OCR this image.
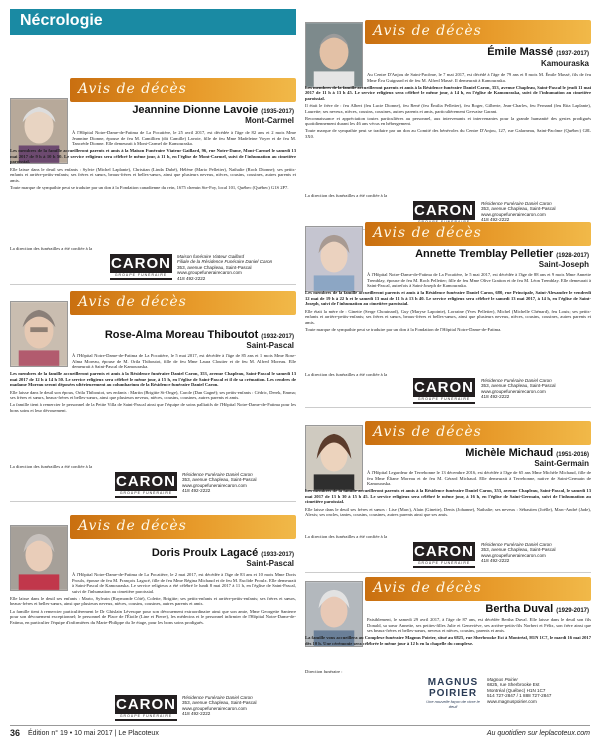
Nécrologie
Avis de décès
Jeannine Dionne Lavoie (1935-2017)
Mont-Carmel

À l'Hôpital Notre-Dame-de-Fatima de La Pocatière, le 25 avril 2017, est décédée à l'âge de 82 ans et 2 mois Mme Jeannine Dionne, épouse de feu M. Camillien (dit Camille) Lavoie, fille de feu Mme Madeleine Voyer et de feu M. Tancrède Dionne. Elle demeurait à Mont-Carmel de Kamouraska.

Les membres de la famille accueilleront parents et amis à la Maison Funéraire Viateur Gaillard, 96, rue Notre-Dame, Mont-Carmel le samedi 13 mai 2017 de 9 h à 10 h 50. Le service religieux sera célébré le même jour, à 11 h, en l'église de Mont-Carmel, suivi de l'inhumation au cimetière paroissial.

Elle laisse dans le deuil ses enfants : Sylvie (Michel Laplante), Christian (Linda Dubé), Hélène (Mario Pelletier), Nathalie (Roch Dionne); ses petits-enfants et arrière-petits-enfants; ses frères et sœurs, beaux-frères et belles-sœurs, ainsi que plusieurs neveux, nièces, cousins, cousines, autres parents et amis.

Toute marque de sympathie peut se traduire par un don à la Fondation canadienne du rein, 1675 chemin Ste-Foy, local 101, Québec (Québec) G1S 2P7.

La direction des funérailles a été confiée à la
CARON
GROUPE FUNÉRAIRE
Maison funéraire Viateur Gaillard
Filiale de la Résidence Funéraire Daniel Caron
353, avenue Chapleau, Saint-Pascal
www.groupefunerairecaron.com
418 492-2222
Avis de décès
Rose-Alma Moreau Thiboutot (1932-2017)
Saint-Pascal

À l'Hôpital Notre-Dame-de-Fatima de La Pocatière, le 5 mai 2017, est décédée à l'âge de 85 ans et 1 mois Mme Rose-Alma Moreau, épouse de M. Orila Thiboutot, fille de feu Mme Laura Cloutier et de feu M. Alfred Moreau. Elle demeurait à Saint-Pascal de Kamouraska.

Les membres de la famille accueilleront parents et amis à la Résidence funéraire Daniel Caron, 353, avenue Chapleau, Saint-Pascal le samedi 13 mai 2017 de 12 h à 14 h 50. Le service religieux sera célébré le même jour, à 15 h, en l'église de Saint-Pascal et il de sa crémation. Les cendres de madame Moreau seront déposées ultérieurement au columbarium de la Résidence funéraire Daniel Caron.

Elle laisse dans le deuil son époux, Orila Thiboutot, ses enfants : Martin (Brigitte St-Onge), Carole (Dan Gagné); ses petits-enfants : Cédric, Derek, Emma; ses frères et sœurs, beaux-frères et belles-sœurs, ainsi que plusieurs neveux, nièces, cousins, cousines, autres parents et amis.

La famille tient à remercier le personnel de la Petite Villa de Saint-Pascal ainsi que l'équipe de soins palliatifs de l'Hôpital Notre-Dame-de-Fatima pour les bons soins et leur dévouement.

La direction des funérailles a été confiée à la
CARON
GROUPE FUNÉRAIRE
Résidence Funéraire Daniel Caron
353, avenue Chapleau, Saint-Pascal
www.groupefunerairecaron.com
418 492-2222
Avis de décès
Doris Proulx Lagacé (1933-2017)
Saint-Pascal

À l'Hôpital Notre-Dame-de-Fatima de La Pocatière, le 2 mai 2017, est décédée à l'âge de 83 ans et 10 mois Mme Doris Proulx, épouse de feu M. François Lagacé, fille de feu Mme Régina Michaud et de feu M. Euclide Proulx. Elle demeurait à Saint-Pascal de Kamouraska. Le service religieux a été célébré le lundi 8 mai 2017 à 11 h, en l'église de Saint-Pascal, suivi de l'inhumation au cimetière paroissial.

Elle laisse dans le deuil ses enfants : Mario, Sylvain (Raymonde Côté), Colette, Brigitte; ses petits-enfants et arrière-petits-enfants; ses frères et sœurs, beaux-frères et belles-sœurs, ainsi que plusieurs neveux, nièces, cousins, cousines, autres parents et amis.

La famille tient à remercier particulièrement le Dr Ghislain Lévesque pour son dévouement extraordinaire ainsi que son amie, Mme Georgette Santerre pour son dévouement exceptionnel; le personnel de Place de l'Étoile (Line et Pierre), les médecins et le personnel infirmier de l'Hôpital Notre-Dame-de-Fatima, en particulier l'équipe d'infirmières du Marie-Philippe du 3e étage, pour les bons soins prodigués.

CARON
GROUPE FUNÉRAIRE
Résidence Funéraire Daniel Caron
353, avenue Chapleau, Saint-Pascal
www.groupefunerairecaron.com
418 492-2222
Avis de décès
Émile Massé (1937-2017)
Kamouraska

Au Centre D'Anjou de Saint-Pacôme, le 7 mai 2017, est décédé à l'âge de 79 ans et 8 mois M. Émile Massé, fils de feu Mme Éva Guignard et de feu M. Alfred Massé. Il demeurait à Kamouraska.

Les membres de la famille accueilleront parents et amis à la Résidence funéraire Daniel Caron, 353, avenue Chapleau, Saint-Pascal le jeudi 11 mai 2017 de 11 h à 13 h 45. Le service religieux sera célébré le même jour, à 14 h, en l'église de Kamouraska, suivi de l'inhumation au cimetière paroissial.

Il était le frère de : feu Albert (feu Lucie Dionne), feu René (feu Émilia Pelletier), feu Roger, Gilberte, Jean-Charles, feu Fernand (feu Rita Laplante), Laurette; ses neveux, nièces, cousins, cousines, autres parents et amis, particulièrement Gervaise Garant.

Reconnaissance et appréciation toutes particulières au personnel, aux intervenants et intervenantes pour la grande humanité des gestes prodigués quotidiennement durant les 46 ans vécus en hébergement.

Toute marque de sympathie peut se traduire par un don au Comité des bénévoles du Centre D'Anjou, 127, rue Galarneau, Saint-Pacôme (Québec) G0L 3X0.

La direction des funérailles a été confiée à la
CARON Résidence Funéraire Daniel Caron
353, avenue Chapleau, Saint-Pascal
www.groupefunerairecaron.com
418 492-2222
Avis de décès
Annette Tremblay Pelletier (1928-2017)
Saint-Joseph

À l'Hôpital Notre-Dame-de-Fatima de La Pocatière, le 5 mai 2017, est décédée à l'âge de 88 ans et 9 mois Mme Annette Tremblay, épouse de feu M. Roch Pelletier; fille de feu Mme Olive Gratton et de feu M. Léon Tremblay. Elle demeurait à Saint-Pascal, autrefois à Saint-Joseph de Kamouraska.

Les membres de la famille accueilleront parents et amis à la Résidence funéraire Daniel Caron, 680, rue Principale, Saint-Alexandre le vendredi 12 mai de 19 h à 22 h et le samedi 13 mai de 11 h à 13 h 40. Le service religieux sera célébré le samedi 13 mai 2017, à 14 h, en l'église de Saint-Joseph, suivi de l'inhumation au cimetière paroissial.

Elle était la mère de : Ginette (Serge Chouinard), Guy (Maryse Lapointe), Lorraine (Yves Pelletier), Michel (Michelle Chénard), feu Louis; ses petits-enfants et arrière-petits-enfants; ses frères et sœurs, beaux-frères et belles-sœurs, ainsi que plusieurs neveux, nièces, cousins, cousines, autres parents et amis.

Toute marque de sympathie peut se traduire par un don à la Fondation de l'Hôpital Notre-Dame-de-Fatima.

La direction des funérailles a été confiée à la
CARON
GROUPE FUNÉRAIRE
Résidence Funéraire Daniel Caron
353, avenue Chapleau, Saint-Pascal
www.groupefunerairecaron.com
418 492-2222
Avis de décès
Michèle Michaud (1951-2016)
Saint-Germain

À l'Hôpital Legardeur de Terrebonne le 13 décembre 2016, est décédée à l'âge de 65 ans Mme Michèle Michaud, fille de feu Mme Éliane Moreau et de feu M. Gérard Michaud. Elle demeurait à Terrebonne, native de Saint-Germain de Kamouraska.

Les membres de la famille accueilleront parents et amis à la Résidence funéraire Daniel Caron, 353, avenue Chapleau, Saint-Pascal, le samedi 13 mai 2017 de 13 h 30 à 15 h 45. Le service religieux sera célébré le même jour, à 16 h, en l'église de Saint-Germain, suivi de l'inhumation au cimetière paroissial.

Elle laisse dans le deuil ses frères et sœurs : Lise (Marc), Alain (Ginette), Denis (Johanne), Nathalie; ses neveux : Sébastien (Joëlle), Marc-André (Jade), Alexis; ses oncles, tantes, cousins, cousines, autres parents ainsi que ses amis.

La direction des funérailles a été confiée à la
CARON
GROUPE FUNÉRAIRE
Résidence Funéraire Daniel Caron
353, avenue Chapleau, Saint-Pascal
www.groupefunerairecaron.com
418 492-2222
Avis de décès
Bertha Duval (1929-2017)

Paisiblement, le samedi 29 avril 2017, à l'âge de 87 ans, est décédée Bertha Duval. Elle laisse dans le deuil son fils Donald, sa sœur Annette, ses petites-filles Julie et Geneviève, ses arrière-petits-fils Norbert et Félix, son frère ainsi que ses beaux-frères et belles-sœurs, neveux et nièces, cousins, parents et amis.

La famille vous accueillera au Complexe funéraire Magnus Poirier, situé au 6825, rue Sherbrooke Est à Montréal, H1N 1C7, le mardi 16 mai 2017 dès 10 h. Une cérémonie sera célébrée le même jour à 12 h en la chapelle du complexe.

Direction funéraire :
MAGNUS
POIRIER
Une nouvelle façon de vivre le deuil
Magnus Poirier
6825, rue Sherbrooke Est
Montréal (Québec) H1N 1C7
514 727-2847 / 1 888 727-2847
www.magnuspoirier.com
36 Édition n° 19 • 10 mai 2017 | Le Placoteux	Au quotidien sur leplacoteux.com
